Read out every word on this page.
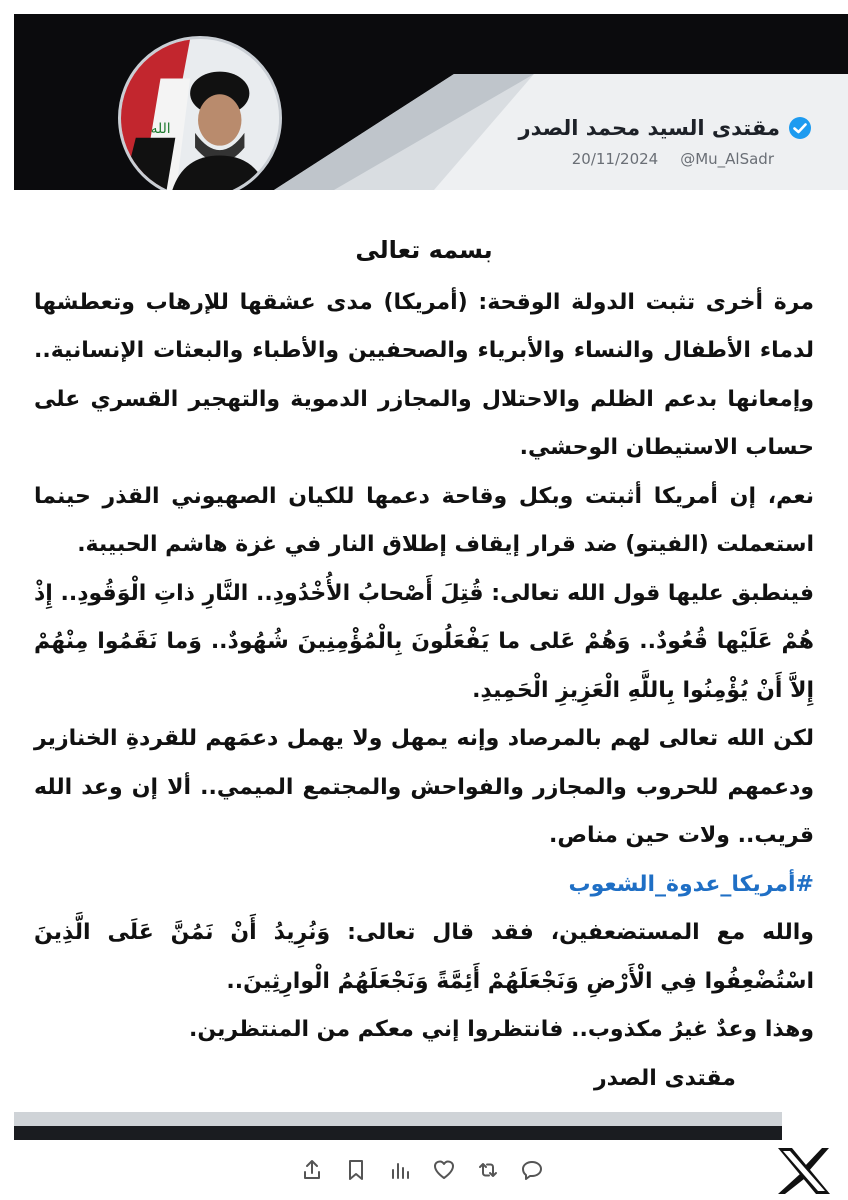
الله	مقتدى السيد محمد الصدر
20/11/2024 @Mu_AlSadr

بسمه تعالى

مرة أخرى تثبت الدولة الوقحة: (أمريكا) مدى عشقها للإرهاب وتعطشها لدماء الأطفال والنساء والأبرياء والصحفيين والأطباء والبعثات الإنسانية.. وإمعانها بدعم الظلم والاحتلال والمجازر الدموية والتهجير القسري على حساب الاستيطان الوحشي.

نعم، إن أمريكا أثبتت وبكل وقاحة دعمها للكيان الصهيوني القذر حينما استعملت (الفيتو) ضد قرار إيقاف إطلاق النار في غزة هاشم الحبيبة.

فينطبق عليها قول الله تعالى: قُتِلَ أَصْحابُ الأُخْدُودِ.. النَّارِ ذاتِ الْوَقُودِ.. إِذْ هُمْ عَلَيْها قُعُودٌ.. وَهُمْ عَلى ما يَفْعَلُونَ بِالْمُؤْمِنِينَ شُهُودٌ.. وَما نَقَمُوا مِنْهُمْ إِلاَّ أَنْ يُؤْمِنُوا بِاللَّهِ الْعَزِيزِ الْحَمِيدِ.

لكن الله تعالى لهم بالمرصاد وإنه يمهل ولا يهمل دعمَهم للقردةِ الخنازير ودعمهم للحروب والمجازر والفواحش والمجتمع الميمي.. ألا إن وعد الله قريب.. ولات حين مناص.

#أمريكا_عدوة_الشعوب

والله مع المستضعفين، فقد قال تعالى: وَنُرِيدُ أَنْ نَمُنَّ عَلَى الَّذِينَ اسْتُضْعِفُوا فِي الْأَرْضِ وَنَجْعَلَهُمْ أَئِمَّةً وَنَجْعَلَهُمُ الْوارِثِينَ..

وهذا وعدٌ غيرُ مكذوب.. فانتظروا إني معكم من المنتظرين.

مقتدى الصدر
